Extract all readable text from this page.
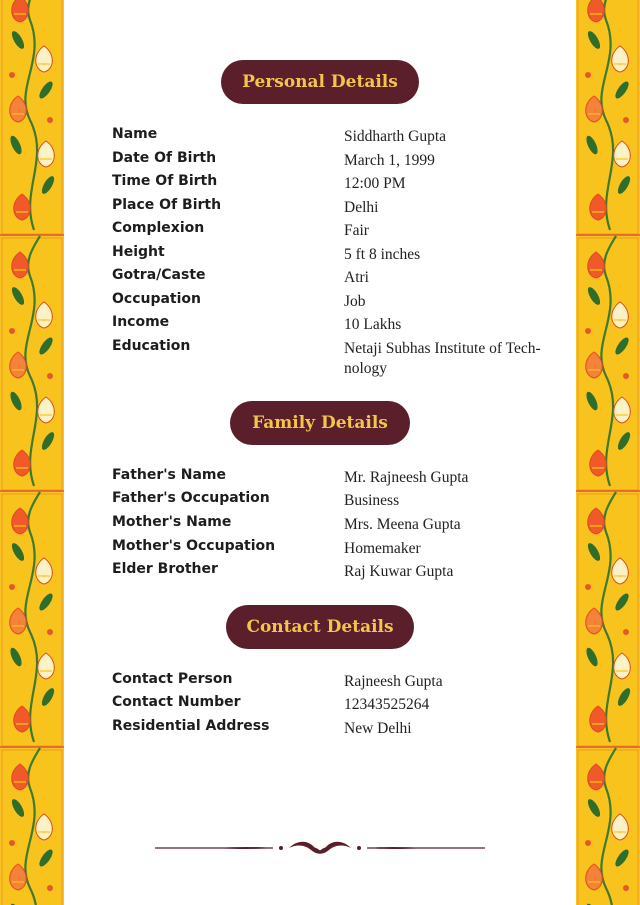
Personal Details
Name	Siddharth Gupta
Date Of Birth	March 1, 1999
Time Of Birth	12:00 PM
Place Of Birth	Delhi
Complexion	Fair
Height	5 ft 8 inches
Gotra/Caste	Atri
Occupation	Job
Income	10 Lakhs
Education	Netaji Subhas Institute of Tech-nology
Family Details
Father's Name	Mr. Rajneesh Gupta
Father's Occupation	Business
Mother's Name	Mrs. Meena Gupta
Mother's Occupation	Homemaker
Elder Brother	Raj Kuwar Gupta
Contact Details
Contact Person	Rajneesh Gupta
Contact Number	12343525264
Residential Address	New Delhi
